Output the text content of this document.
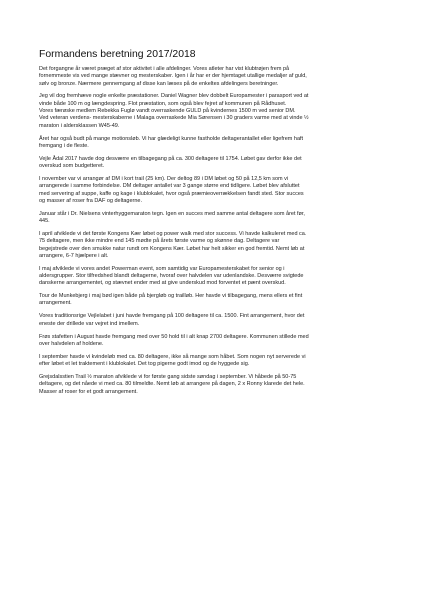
Formandens beretning 2017/2018
Det forgangne år været præget af stor aktivitet i alle afdelinger. Vores atleter har vist klubtrøjen frem på
fornemmeste vis ved mange stævner og mesterskaber. Igen i år har er der hjemtaget utallige medaljer af guld,
sølv og bronze. Nærmere gennemgang af disse kan læses på de enkeltes afdelingers beretninger.
Jeg vil dog fremhæve nogle enkelte præstationer. Daniel Wagner blev dobbelt Europamester i parasport ved at
vinde både 100 m og længdespring. Flot præstation, som også blev fejret af kommunen på Rådhuset.
Vores færøske medlem Rebekka Fuglø vandt overraskende GULD på kvindernes 1500 m ved senior DM.
Ved veteran verdens- mesterskaberne i Malaga overraskede Mia Sørensen i 30 graders varme med at vinde ½
maraton i aldersklassen W45-49.
Året har også budt på mange motionsløb. Vi har glædeligt kunne fastholde deltagerantallet eller ligefrem haft
fremgang i de fleste.
Vejle Ådal 2017 havde dog desværre en tilbagegang på ca. 300 deltagere til 1754. Løbet gav derfor ikke det
overskud som budgetteret.
I november var vi arrangør af DM i kort trail (25 km). Der deltog 89 i DM løbet og 50 på 12,5 km som vi
arrangerede i samme forbindelse. DM deltager antallet var 3 gange større end tidligere. Løbet blev afsluttet
med servering af suppe, kaffe og kage i klublokalet, hvor også præmieoverrækkelsen fandt sted. Stor succes
og masser af roser fra DAF og deltagerne.
Januar står i Dr. Nielsens vinterhyggemaraton tegn. Igen en succes med samme antal deltagere som året før,
445.
I april afviklede vi det første Kongens Kær løbet og power walk med stor success. Vi havde kalkuleret med ca.
75 deltagere, men ikke mindre end 145 mødte på årets første varme og skønne dag. Deltagere var
begejstrede over den smukke natur rundt om Kongens Kær. Løbet har helt sikker en god fremtid. Nemt løb at
arrangere, 6-7 hjælpere i alt.
I maj afviklede vi vores andet Powerman event, som samtidig var Europamesterskabet for senior og i
aldersgrupper. Stor tilfredshed blandt deltagerne, hvoraf over halvdelen var udenlandske. Desværre svigtede
danskerne arrangementet, og stævnet ender med at give underskud mod forventet et pænt overskud.
Tour de Munkebjerg i maj bød igen både på bjergløb og trailløb. Her havde vi tilbagegang, mens ellers et fint
arrangement.
Vores traditionsrige Vejlelabet i juni havde fremgang på 100 deltagere til ca. 1500. Fint arrangement, hvor det
eneste der drillede var vejret ind imellem.
Frøs stafetten i August havde fremgang med over 50 hold til i alt knap 2700 deltagere. Kommunen stillede med
over halvdelen af holdene.
I september havde vi kvindeløb med ca. 80 deltagere, ikke så mange som håbet. Som nogen nyt serverede vi
efter løbet et let traktement i klublokalet. Det tog pigerne godt imod og de hyggede sig.
Grejsdalsstien Trail ½ maraton afviklede vi for første gang sidste søndag i september. Vi håbede på 50-75
deltagere, og det nåede vi med ca. 80 tilmeldte. Nemt løb at arrangere på dagen, 2 x Ronny klarede det hele.
Masser af roser for et godt arrangement.
